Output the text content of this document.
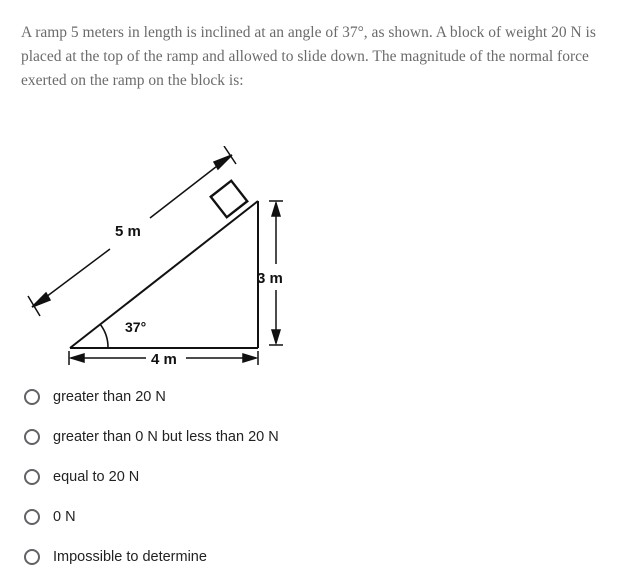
A ramp 5 meters in length is inclined at an angle of 37°, as shown. A block of weight 20 N is placed at the top of the ramp and allowed to slide down. The magnitude of the normal force exerted on the ramp on the block is:
5 m
3 m
4 m
37°
greater than 20 N
greater than 0 N but less than 20 N
equal to 20 N
0 N
Impossible to determine
